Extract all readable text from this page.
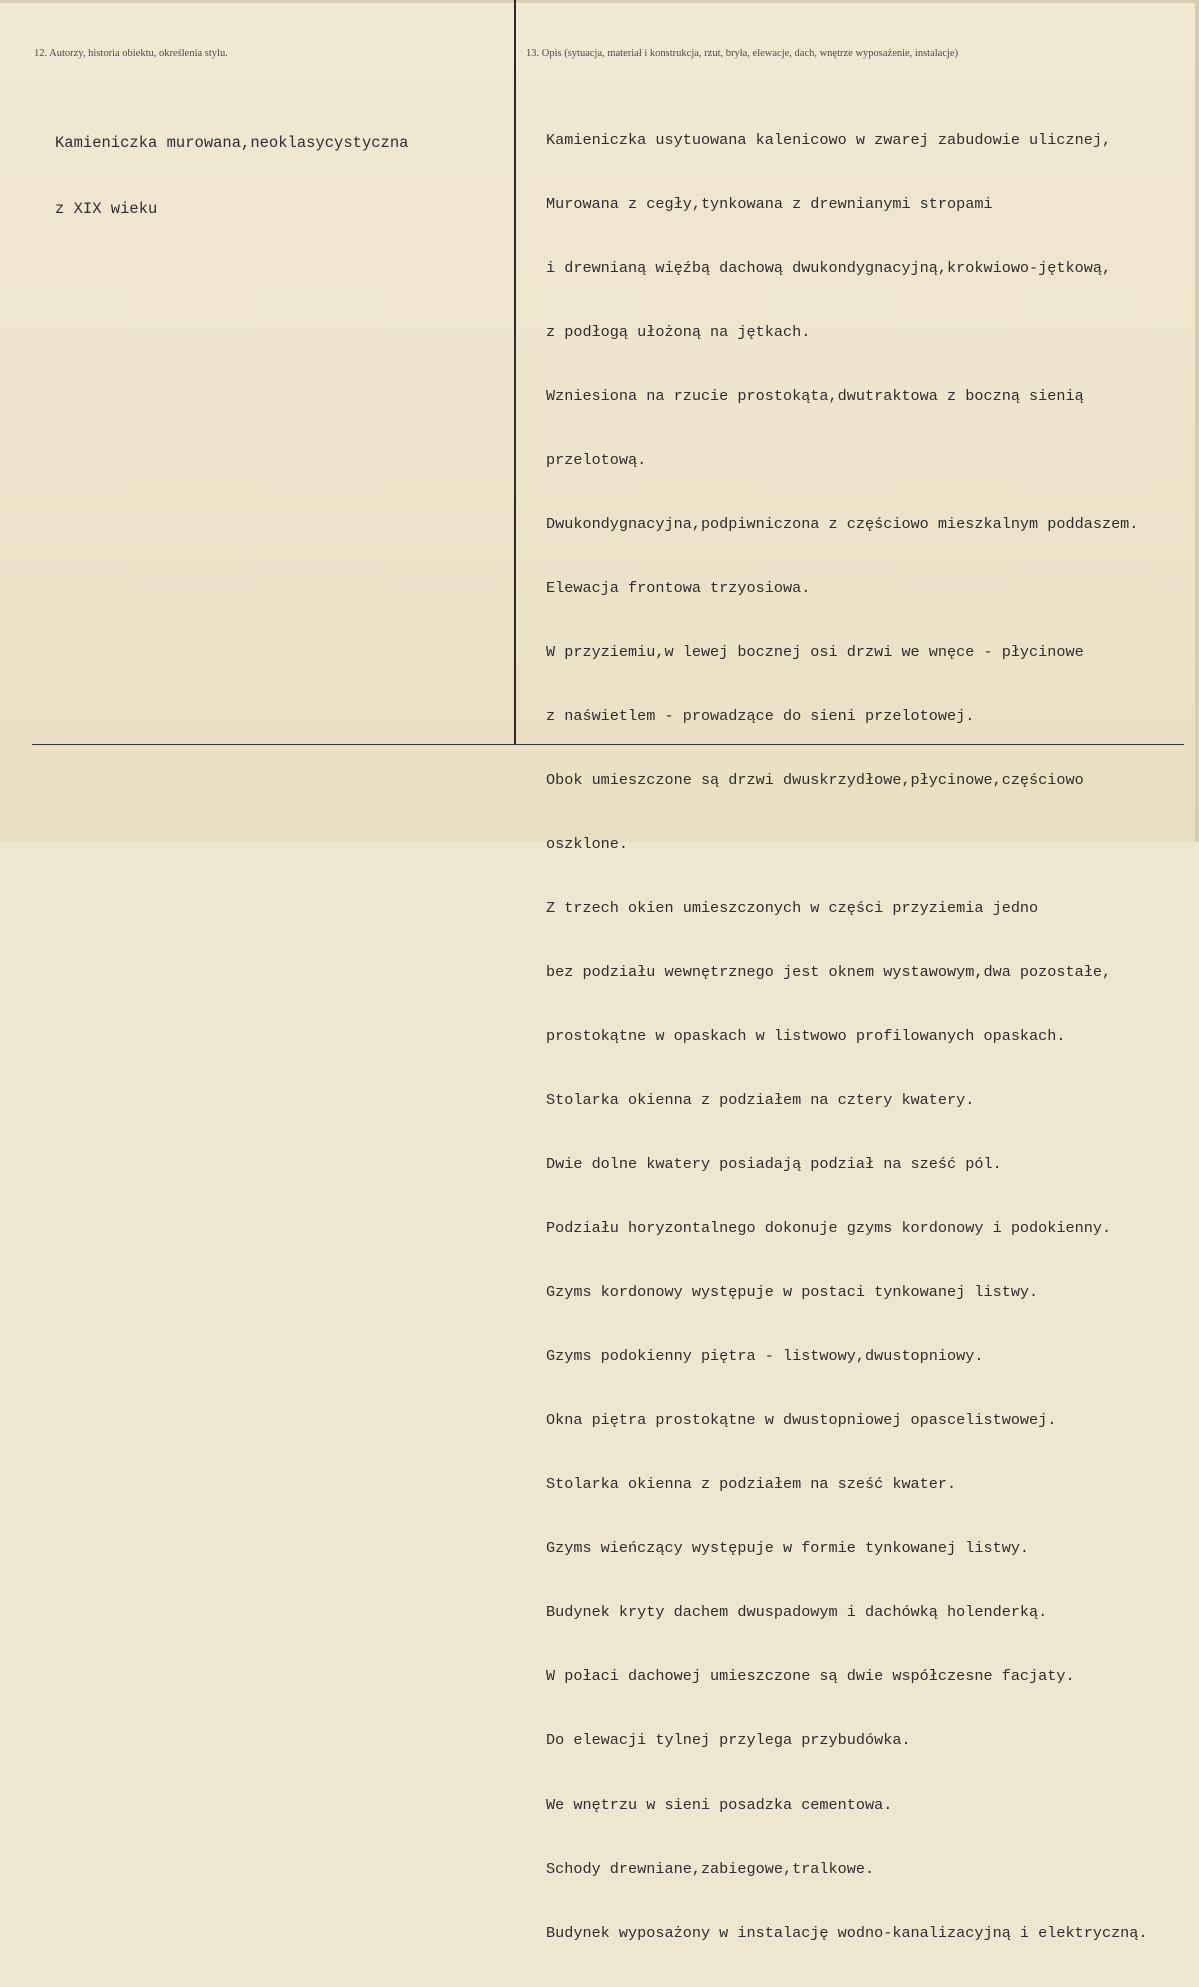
12. Autorzy, historia obiektu, określenia stylu.	13. Opis (sytuacja, materiał i konstrukcja, rzut, bryła, elewacje, dach, wnętrze wyposażenie, instalacje)

Kamieniczka murowana,neoklasycystyczna

z XIX wieku

Kamieniczka usytuowana kalenicowo w zwarej zabudowie ulicznej,

Murowana z cegły,tynkowana z drewnianymi stropami

i drewnianą więźbą dachową dwukondygnacyjną,krokwiowo-jętkową,

z podłogą ułożoną na jętkach.

Wzniesiona na rzucie prostokąta,dwutraktowa z boczną sienią

przelotową.

Dwukondygnacyjna,podpiwniczona z częściowo mieszkalnym poddaszem.

Elewacja frontowa trzyosiowa.

W przyziemiu,w lewej bocznej osi drzwi we wnęce - płycinowe

z naświetlem - prowadzące do sieni przelotowej.

Obok umieszczone są drzwi dwuskrzydłowe,płycinowe,częściowo

oszklone.

Z trzech okien umieszczonych w części przyziemia jedno

bez podziału wewnętrznego jest oknem wystawowym,dwa pozostałe,

prostokątne w opaskach w listwowo profilowanych opaskach.

Stolarka okienna z podziałem na cztery kwatery.

Dwie dolne kwatery posiadają podział na sześć pól.

Podziału horyzontalnego dokonuje gzyms kordonowy i podokienny.

Gzyms kordonowy występuje w postaci tynkowanej listwy.

Gzyms podokienny piętra - listwowy,dwustopniowy.

Okna piętra prostokątne w dwustopniowej opascelistwowej.

Stolarka okienna z podziałem na sześć kwater.

Gzyms wieńczący występuje w formie tynkowanej listwy.

Budynek kryty dachem dwuspadowym i dachówką holenderką.

W połaci dachowej umieszczone są dwie współczesne facjaty.

Do elewacji tylnej przylega przybudówka.

We wnętrzu w sieni posadzka cementowa.

Schody drewniane,zabiegowe,tralkowe.

Budynek wyposażony w instalację wodno-kanalizacyjną i elektryczną.
